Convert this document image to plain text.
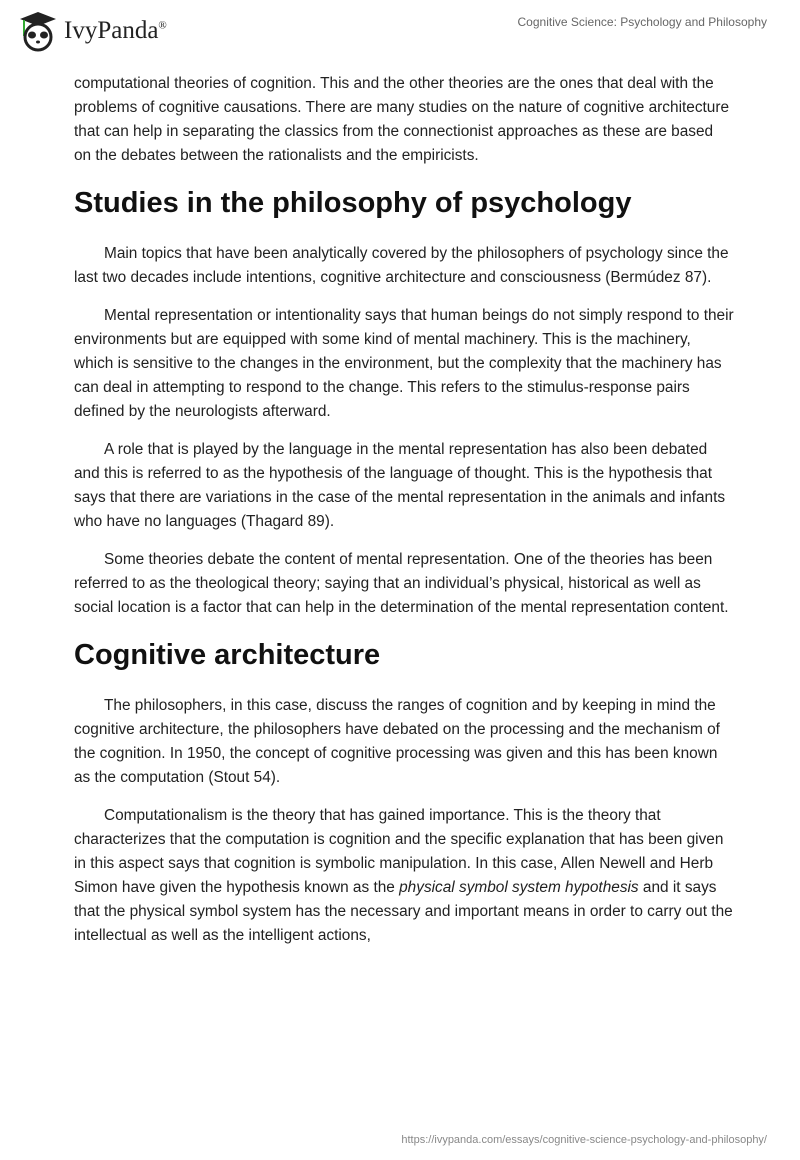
IvyPanda®	Cognitive Science: Psychology and Philosophy

computational theories of cognition. This and the other theories are the ones that deal with the problems of cognitive causations. There are many studies on the nature of cognitive architecture that can help in separating the classics from the connectionist approaches as these are based on the debates between the rationalists and the empiricists.

Studies in the philosophy of psychology

Main topics that have been analytically covered by the philosophers of psychology since the last two decades include intentions, cognitive architecture and consciousness (Bermúdez 87).

Mental representation or intentionality says that human beings do not simply respond to their environments but are equipped with some kind of mental machinery. This is the machinery, which is sensitive to the changes in the environment, but the complexity that the machinery has can deal in attempting to respond to the change. This refers to the stimulus-response pairs defined by the neurologists afterward.

A role that is played by the language in the mental representation has also been debated and this is referred to as the hypothesis of the language of thought. This is the hypothesis that says that there are variations in the case of the mental representation in the animals and infants who have no languages (Thagard 89).

Some theories debate the content of mental representation. One of the theories has been referred to as the theological theory; saying that an individual’s physical, historical as well as social location is a factor that can help in the determination of the mental representation content.

Cognitive architecture

The philosophers, in this case, discuss the ranges of cognition and by keeping in mind the cognitive architecture, the philosophers have debated on the processing and the mechanism of the cognition. In 1950, the concept of cognitive processing was given and this has been known as the computation (Stout 54).

Computationalism is the theory that has gained importance. This is the theory that characterizes that the computation is cognition and the specific explanation that has been given in this aspect says that cognition is symbolic manipulation. In this case, Allen Newell and Herb Simon have given the hypothesis known as the physical symbol system hypothesis and it says that the physical symbol system has the necessary and important means in order to carry out the intellectual as well as the intelligent actions,

https://ivypanda.com/essays/cognitive-science-psychology-and-philosophy/
